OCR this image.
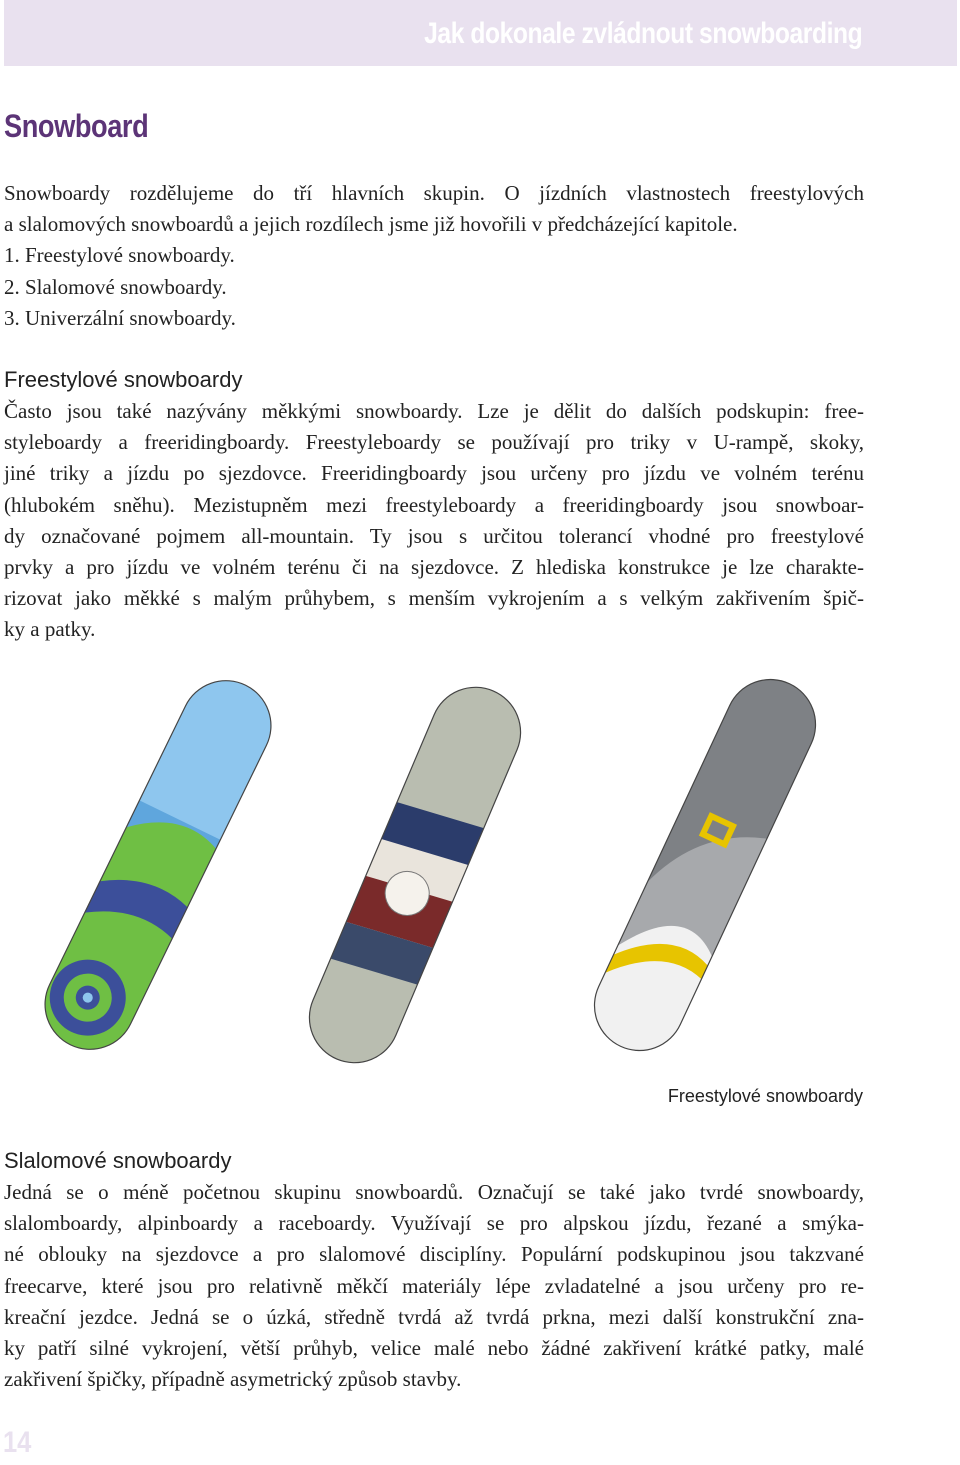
Jak dokonale zvládnout snowboarding
Snowboard
Snowboardy rozdělujeme do tří hlavních skupin. O jízdních vlastnostech freestylových
a slalomových snowboardů a jejich rozdílech jsme již hovořili v předcházející kapitole.
1. Freestylové snowboardy.
2. Slalomové snowboardy.
3. Univerzální snowboardy.
Freestylové snowboardy
Často jsou také nazývány měkkými snowboardy. Lze je dělit do dalších podskupin: free-
styleboardy a freeridingboardy. Freestyleboardy se používají pro triky v U-rampě, skoky,
jiné triky a jízdu po sjezdovce. Freeridingboardy jsou určeny pro jízdu ve volném terénu
(hlubokém sněhu). Mezistupněm mezi freestyleboardy a freeridingboardy jsou snowboar-
dy označované pojmem all-mountain. Ty jsou s určitou tolerancí vhodné pro freestylové
prvky a pro jízdu ve volném terénu či na sjezdovce. Z hlediska konstrukce je lze charakte-
rizovat jako měkké s malým průhybem, s menším vykrojením a s velkým zakřivením špič-
ky a patky.
Freestylové snowboardy
Slalomové snowboardy
Jedná se o méně početnou skupinu snowboardů. Označují se také jako tvrdé snowboardy,
slalomboardy, alpinboardy a raceboardy. Využívají se pro alpskou jízdu, řezané a smýka-
né oblouky na sjezdovce a pro slalomové disciplíny. Populární podskupinou jsou takzvané
freecarve, které jsou pro relativně měkčí materiály lépe zvladatelné a jsou určeny pro re-
kreační jezdce. Jedná se o úzká, středně tvrdá až tvrdá prkna, mezi další konstrukční zna-
ky patří silné vykrojení, větší průhyb, velice malé nebo žádné zakřivení krátké patky, malé
zakřivení špičky, případně asymetrický způsob stavby.
14
